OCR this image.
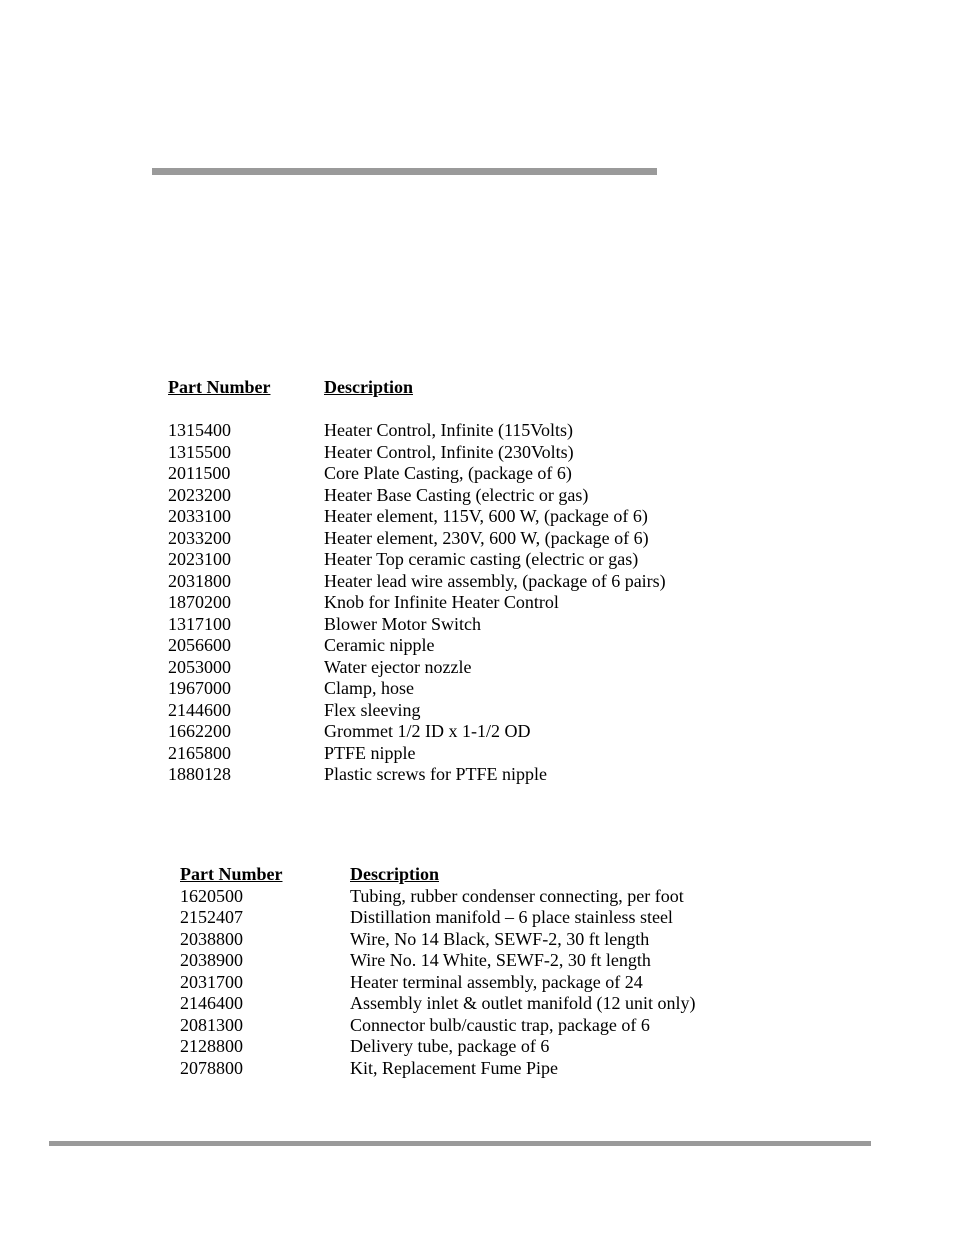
Part Number	Description
1315400	Heater Control, Infinite (115Volts)
1315500	Heater Control, Infinite (230Volts)
2011500	Core Plate Casting, (package of 6)
2023200	Heater Base Casting (electric or gas)
2033100	Heater element, 115V, 600 W, (package of 6)
2033200	Heater element, 230V, 600 W, (package of 6)
2023100	Heater Top ceramic casting (electric or gas)
2031800	Heater lead wire assembly, (package of 6 pairs)
1870200	Knob for Infinite Heater Control
1317100	Blower Motor Switch
2056600	Ceramic nipple
2053000	Water ejector nozzle
1967000	Clamp, hose
2144600	Flex sleeving
1662200	Grommet 1/2 ID x 1-1/2 OD
2165800	PTFE nipple
1880128	Plastic screws for PTFE nipple
Part Number	Description
1620500	Tubing, rubber condenser connecting, per foot
2152407	Distillation manifold – 6 place stainless steel
2038800	Wire, No 14 Black, SEWF-2, 30 ft length
2038900	Wire No. 14 White, SEWF-2, 30 ft length
2031700	Heater terminal assembly, package of 24
2146400	Assembly inlet & outlet manifold (12 unit only)
2081300	Connector bulb/caustic trap, package of 6
2128800	Delivery tube, package of 6
2078800	Kit, Replacement Fume Pipe
